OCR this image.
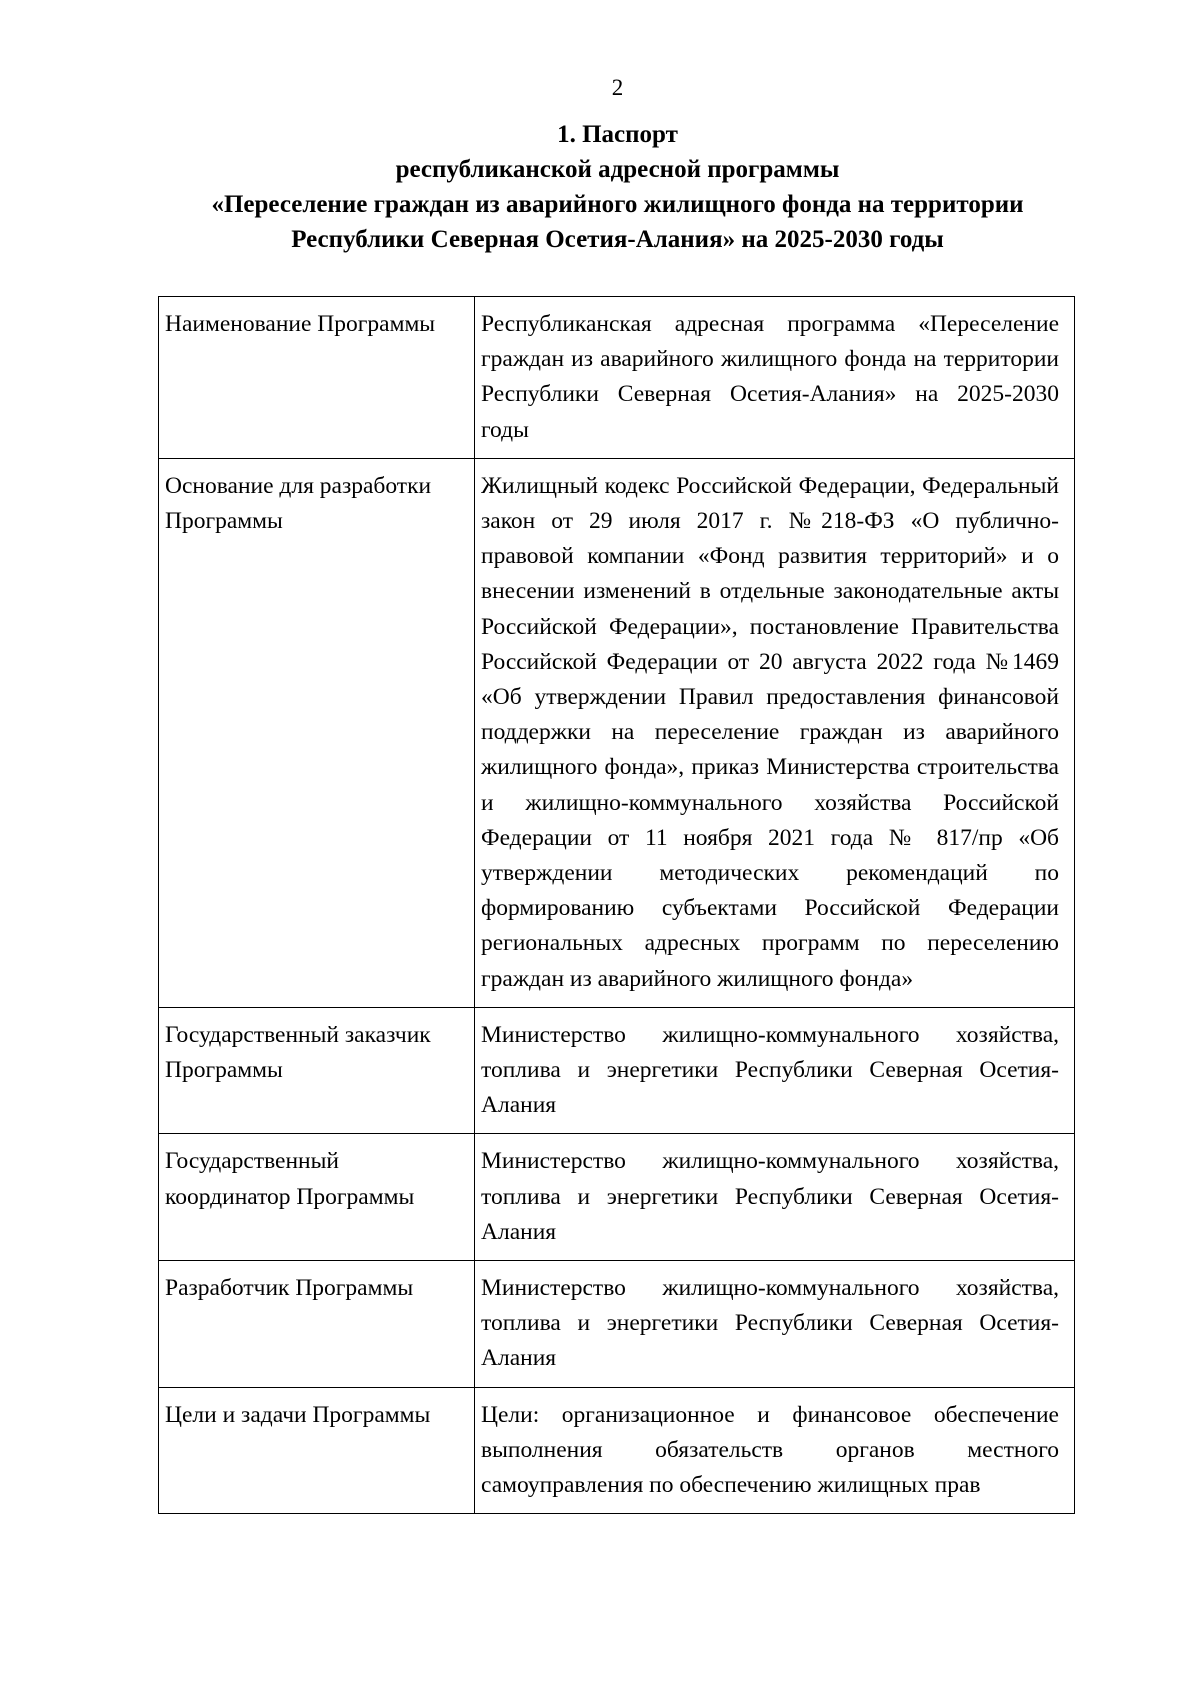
2
1. Паспорт
республиканской адресной программы
«Переселение граждан из аварийного жилищного фонда на территории
Республики Северная Осетия-Алания» на 2025-2030 годы
Наименование Программы	Республиканская адресная программа «Переселение граждан из аварийного жилищного фонда на территории Республики Северная Осетия-Алания» на 2025-2030 годы
Основание для разработки Программы	Жилищный кодекс Российской Федерации, Федеральный закон от 29 июля 2017 г. №218-ФЗ «О публично-правовой компании «Фонд развития территорий» и о внесении изменений в отдельные законодательные акты Российской Федерации», постановление Правительства Российской Федерации от 20 августа 2022 года №1469 «Об утверждении Правил предоставления финансовой поддержки на переселение граждан из аварийного жилищного фонда», приказ Министерства строительства и жилищно-коммунального хозяйства Российской Федерации от 11 ноября 2021 года № 817/пр «Об утверждении методических рекомендаций по формированию субъектами Российской Федерации региональных адресных программ по переселению граждан из аварийного жилищного фонда»
Государственный заказчик Программы	Министерство жилищно-коммунального хозяйства, топлива и энергетики Республики Северная Осетия-Алания
Государственный координатор Программы	Министерство жилищно-коммунального хозяйства, топлива и энергетики Республики Северная Осетия-Алания
Разработчик Программы	Министерство жилищно-коммунального хозяйства, топлива и энергетики Республики Северная Осетия-Алания
Цели и задачи Программы	Цели: организационное и финансовое обеспечение выполнения обязательств органов местного самоуправления по обеспечению жилищных прав
